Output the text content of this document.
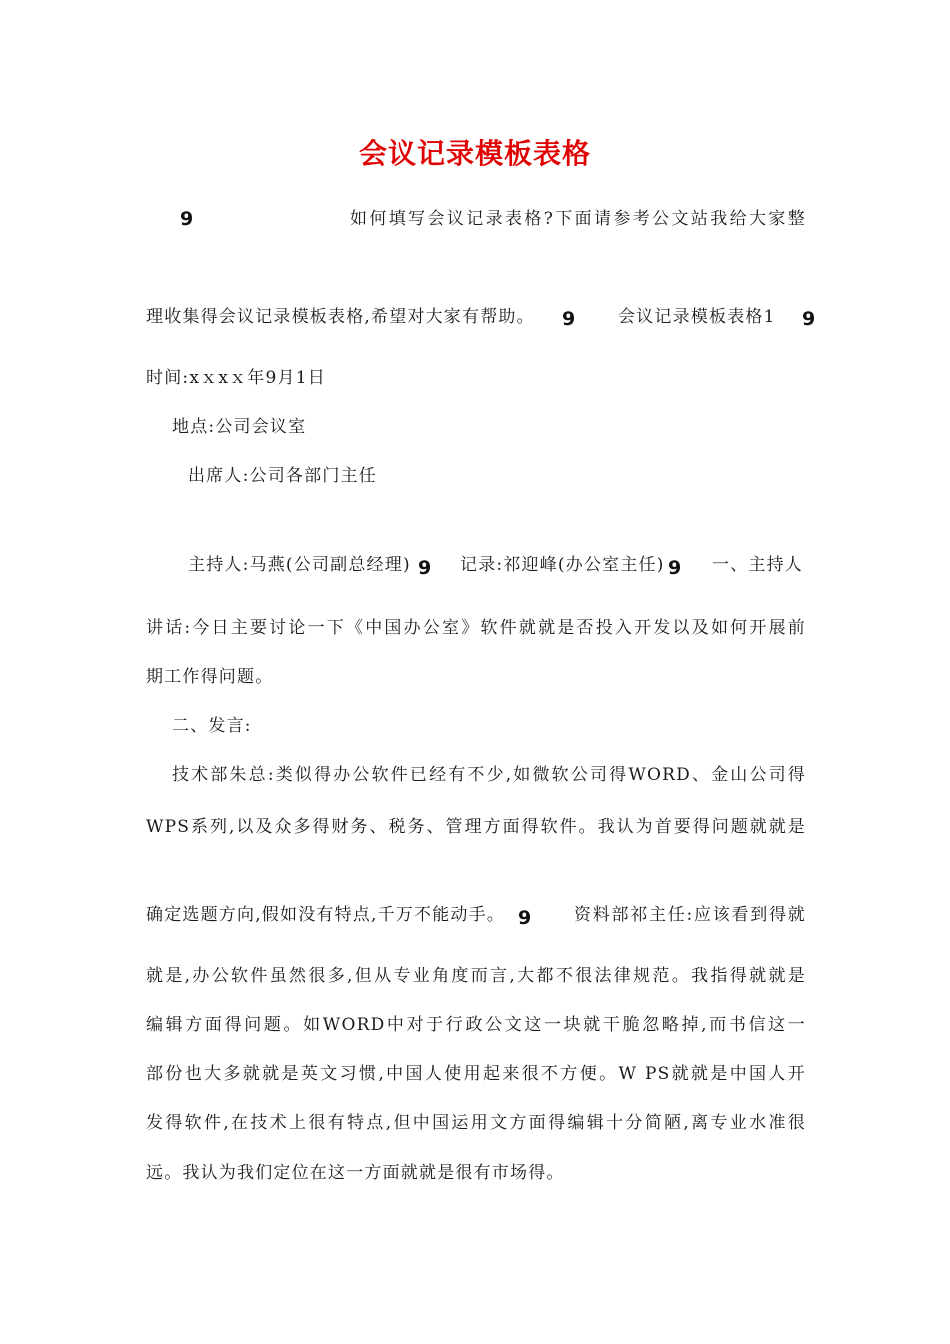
会议记录模板表格
9	如何填写会议记录表格?下面请参考公文站我给大家整
理收集得会议记录模板表格,希望对大家有帮助。 9	会议记录模板表格1 9
时间:xｘxｘ年9月1日
地点:公司会议室
出席人:公司各部门主任
主持人:马燕(公司副总经理) 9 记录:祁迎峰(办公室主任) 9 一、主持人
讲话:今日主要讨论一下《中国办公室》软件就就是否投入开发以及如何开展前
期工作得问题。
二、发言:
技术部朱总:类似得办公软件已经有不少,如微软公司得WORD、金山公司得
WPS系列,以及众多得财务、税务、管理方面得软件。我认为首要得问题就就是
确定选题方向,假如没有特点,千万不能动手。 9	资料部祁主任:应该看到得就
就是,办公软件虽然很多,但从专业角度而言,大都不很法律规范。我指得就就是
编辑方面得问题。如WORD中对于行政公文这一块就干脆忽略掉,而书信这一
部份也大多就就是英文习惯,中国人使用起来很不方便。W PS就就是中国人开
发得软件,在技术上很有特点,但中国运用文方面得编辑十分简陋,离专业水准很
远。我认为我们定位在这一方面就就是很有市场得。
